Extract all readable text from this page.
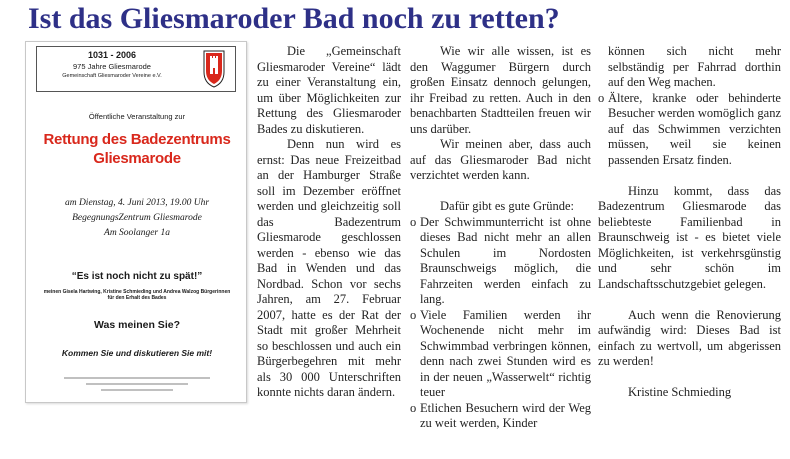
Ist das Gliesmaroder Bad noch zu retten?
1031 - 2006
975 Jahre Gliesmarode
Gemeinschaft Gliesmaroder Vereine e.V.
Öffentliche Veranstaltung zur
Rettung des Badezentrums
Gliesmarode
am Dienstag, 4. Juni 2013, 19.00 Uhr
BegegnungsZentrum Gliesmarode
Am Soolanger 1a
“Es ist noch nicht zu spät!”
meinen Gisela Hartwing, Kristine Schmieding und Andrea Walzog Bürgerinnen für den Erhalt des Bades
Was meinen Sie?
Kommen Sie und diskutieren Sie mit!

Die „Gemeinschaft Gliesmaroder Vereine“ lädt zu einer Veranstaltung ein, um über Möglichkeiten zur Rettung des Gliesmaroder Bades zu diskutieren.

Denn nun wird es ernst: Das neue Freizeitbad an der Hamburger Straße soll im Dezember eröffnet werden und gleichzeitig soll das Badezentrum Gliesmarode geschlossen werden - ebenso wie das Bad in Wenden und das Nordbad. Schon vor sechs Jahren, am 27. Februar 2007, hatte es der Rat der Stadt mit großer Mehrheit so beschlossen und auch ein Bürgerbegehren mit mehr als 30 000 Unterschriften konnte nichts daran ändern.

Wie wir alle wissen, ist es den Waggumer Bürgern durch großen Einsatz dennoch gelungen, ihr Freibad zu retten. Auch in den benachbarten Stadtteilen freuen wir uns darüber.

Wir meinen aber, dass auch auf das Gliesmaroder Bad nicht verzichtet werden kann.

Dafür gibt es gute Gründe:

o Der Schwimmunterricht ist ohne dieses Bad nicht mehr an allen Schulen im Nordosten Braunschweigs möglich, die Fahrzeiten werden einfach zu lang.
o Viele Familien werden ihr Wochenende nicht mehr im Schwimmbad verbringen können, denn nach zwei Stunden wird es in der neuen „Wasserwelt“ richtig teuer
o Etlichen Besuchern wird der Weg zu weit werden, Kinder

können sich nicht mehr selbständig per Fahrrad dorthin auf den Weg machen.

o Ältere, kranke oder behinderte Besucher werden womöglich ganz auf das Schwimmen verzichten müssen, weil sie keinen passenden Ersatz finden.

Hinzu kommt, dass das Badezentrum Gliesmarode das beliebteste Familienbad in Braunschweig ist - es bietet viele Möglichkeiten, ist verkehrsgünstig und sehr schön im Landschaftsschutzgebiet gelegen.

Auch wenn die Renovierung aufwändig wird: Dieses Bad ist einfach zu wertvoll, um abgerissen zu werden!

Kristine Schmieding
